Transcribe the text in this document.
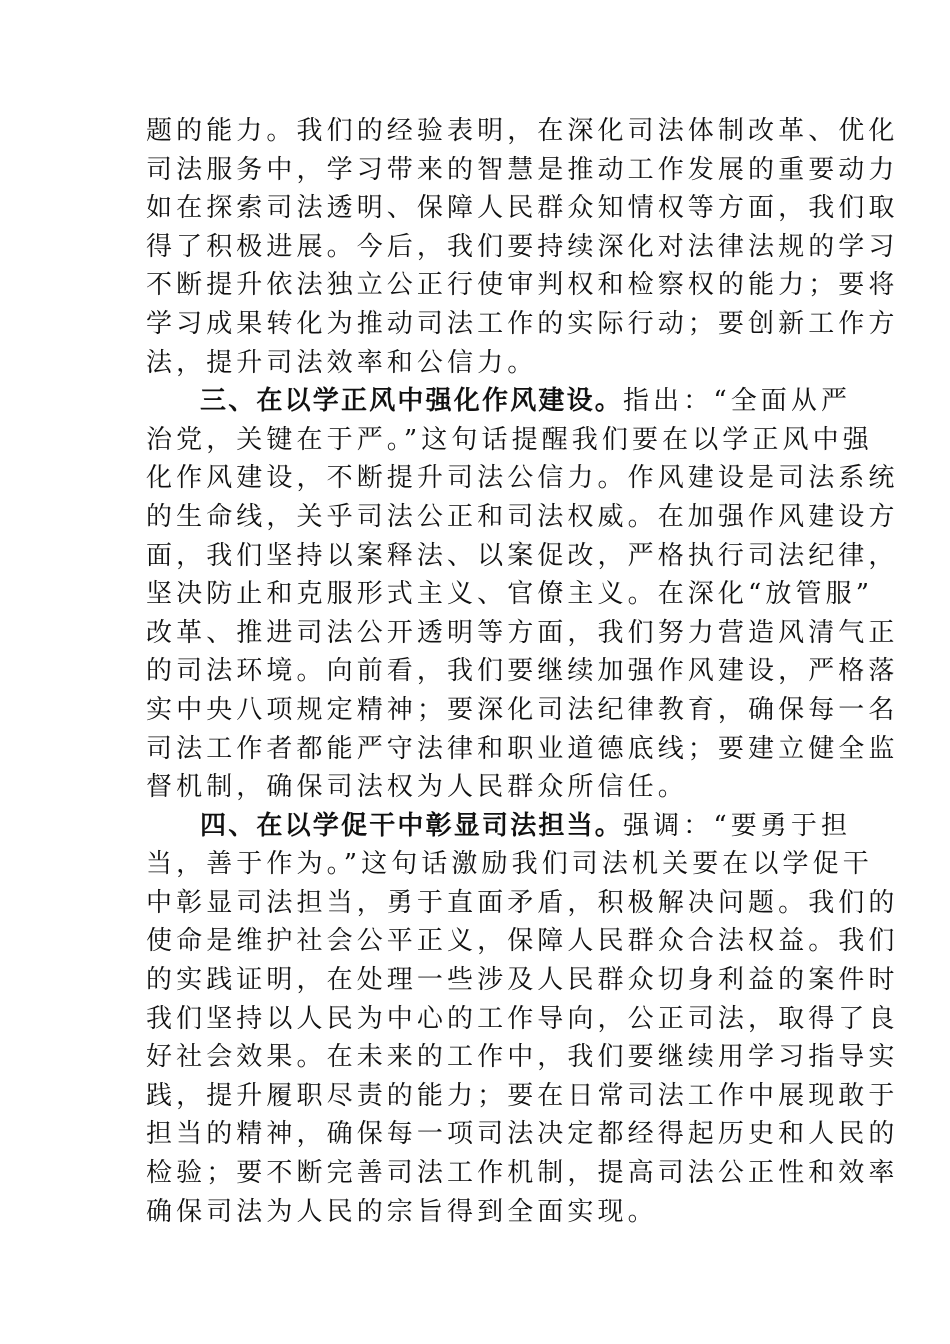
题的能力。我们的经验表明，在深化司法体制改革、优化
司法服务中，学习带来的智慧是推动工作发展的重要动力
如在探索司法透明、保障人民群众知情权等方面，我们取
得了积极进展。今后，我们要持续深化对法律法规的学习
不断提升依法独立公正行使审判权和检察权的能力；要将
学习成果转化为推动司法工作的实际行动；要创新工作方
法，提升司法效率和公信力。
三、在以学正风中强化作风建设。指出：“全面从严
治党，关键在于严。”这句话提醒我们要在以学正风中强
化作风建设，不断提升司法公信力。作风建设是司法系统
的生命线，关乎司法公正和司法权威。在加强作风建设方
面，我们坚持以案释法、以案促改，严格执行司法纪律，
坚决防止和克服形式主义、官僚主义。在深化“放管服”
改革、推进司法公开透明等方面，我们努力营造风清气正
的司法环境。向前看，我们要继续加强作风建设，严格落
实中央八项规定精神；要深化司法纪律教育，确保每一名
司法工作者都能严守法律和职业道德底线；要建立健全监
督机制，确保司法权为人民群众所信任。
四、在以学促干中彰显司法担当。强调：“要勇于担
当，善于作为。”这句话激励我们司法机关要在以学促干
中彰显司法担当，勇于直面矛盾，积极解决问题。我们的
使命是维护社会公平正义，保障人民群众合法权益。我们
的实践证明，在处理一些涉及人民群众切身利益的案件时
我们坚持以人民为中心的工作导向，公正司法，取得了良
好社会效果。在未来的工作中，我们要继续用学习指导实
践，提升履职尽责的能力；要在日常司法工作中展现敢于
担当的精神，确保每一项司法决定都经得起历史和人民的
检验；要不断完善司法工作机制，提高司法公正性和效率
确保司法为人民的宗旨得到全面实现。
